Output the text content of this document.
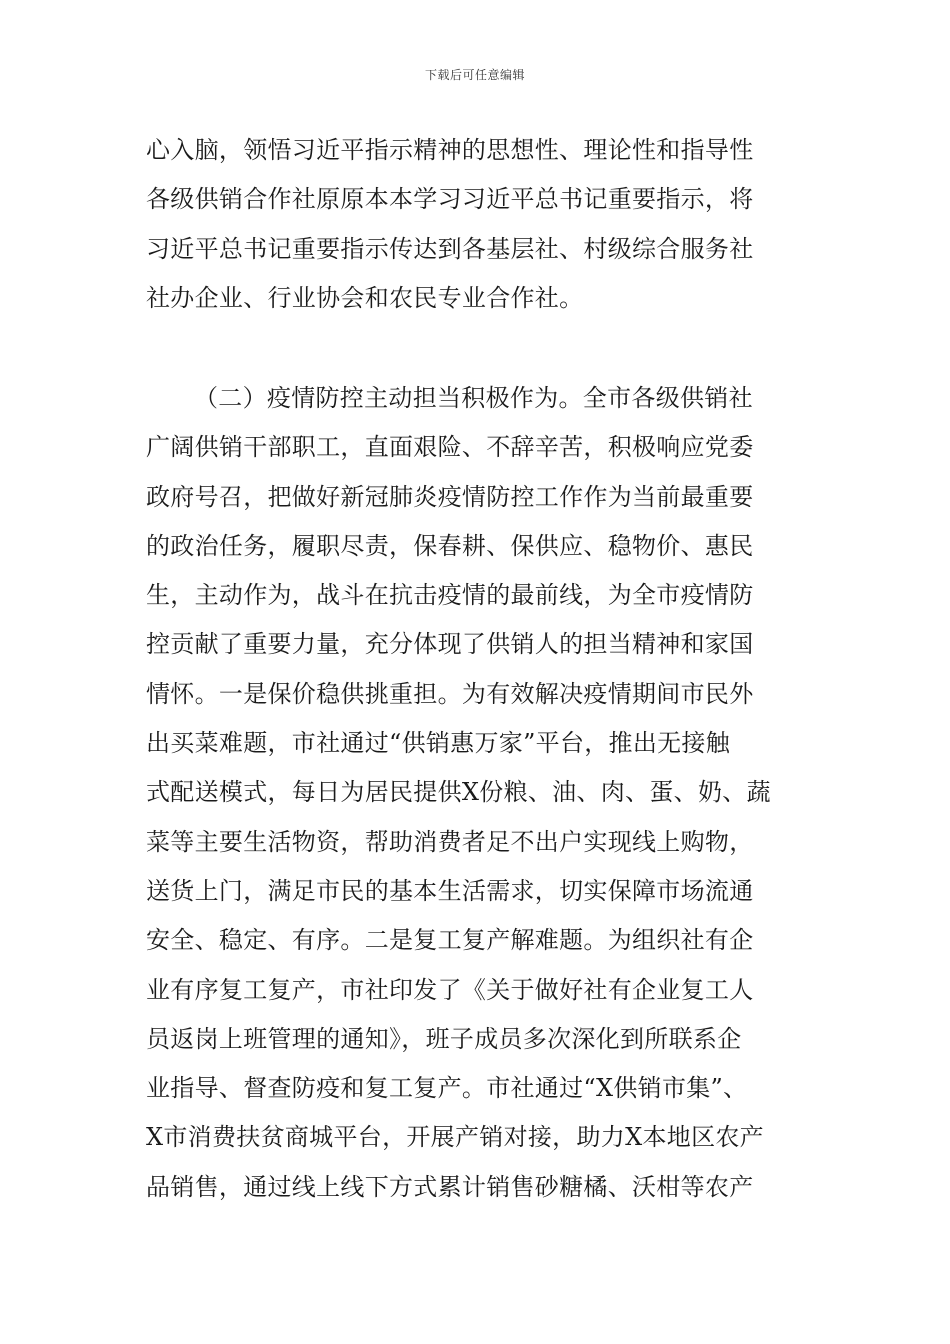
下载后可任意编辑
心入脑，领悟习近平指示精神的思想性、理论性和指导性
各级供销合作社原原本本学习习近平总书记重要指示，将
习近平总书记重要指示传达到各基层社、村级综合服务社
社办企业、行业协会和农民专业合作社。
（二）疫情防控主动担当积极作为。全市各级供销社
广阔供销干部职工，直面艰险、不辞辛苦，积极响应党委
政府号召，把做好新冠肺炎疫情防控工作作为当前最重要
的政治任务，履职尽责，保春耕、保供应、稳物价、惠民
生，主动作为，战斗在抗击疫情的最前线，为全市疫情防
控贡献了重要力量，充分体现了供销人的担当精神和家国
情怀。一是保价稳供挑重担。为有效解决疫情期间市民外
出买菜难题，市社通过“供销惠万家”平台，推出无接触
式配送模式，每日为居民提供X份粮、油、肉、蛋、奶、蔬
菜等主要生活物资，帮助消费者足不出户实现线上购物，
送货上门，满足市民的基本生活需求，切实保障市场流通
安全、稳定、有序。二是复工复产解难题。为组织社有企
业有序复工复产，市社印发了《关于做好社有企业复工人
员返岗上班管理的通知》，班子成员多次深化到所联系企
业指导、督查防疫和复工复产。市社通过“X供销市集”、
X市消费扶贫商城平台，开展产销对接，助力X本地区农产
品销售，通过线上线下方式累计销售砂糖橘、沃柑等农产
